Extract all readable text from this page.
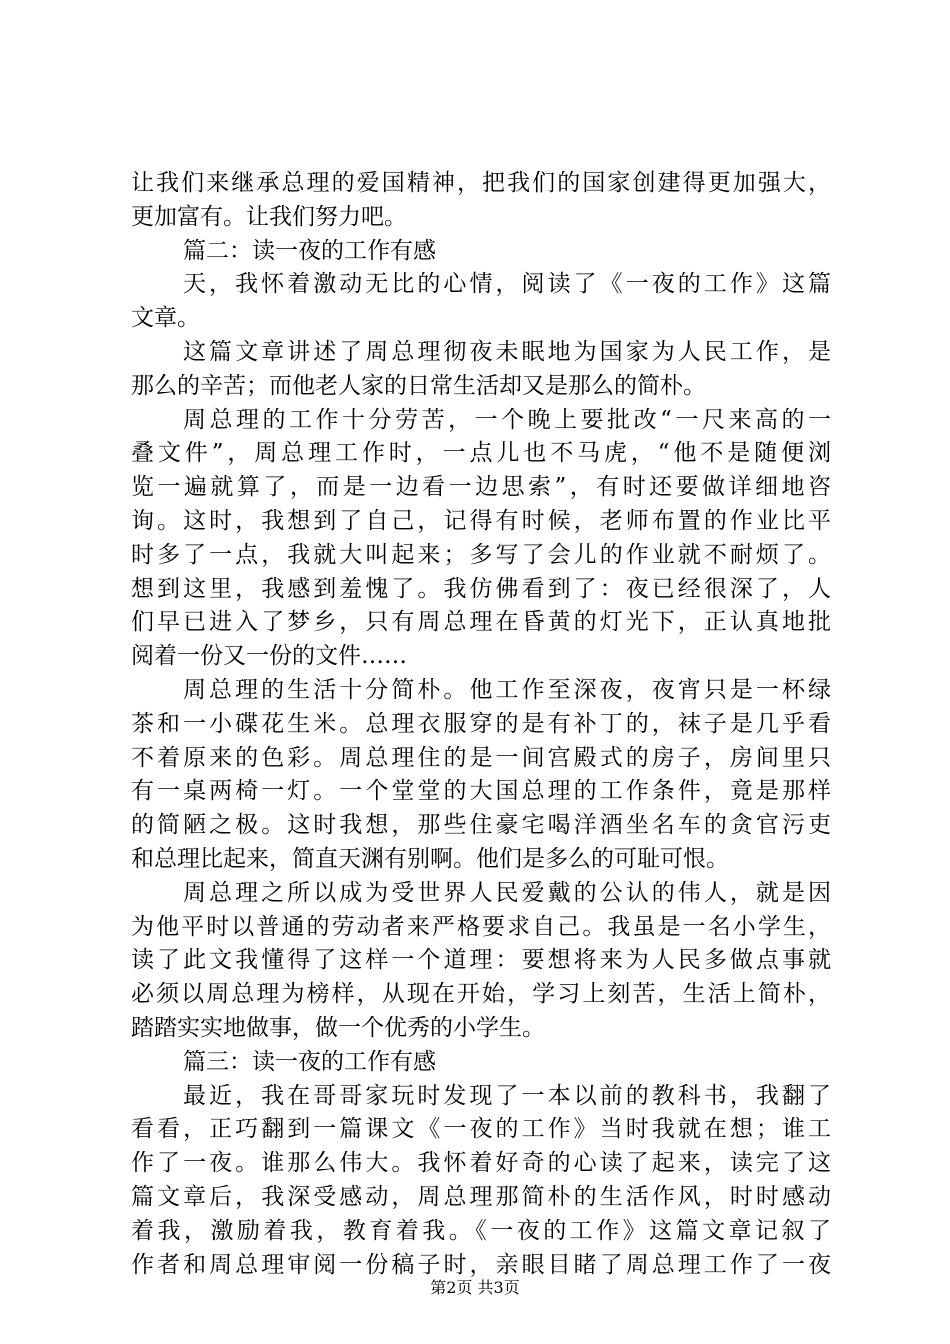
让我们来继承总理的爱国精神，把我们的国家创建得更加强大，
更加富有。让我们努力吧。
篇二：读一夜的工作有感
天，我怀着激动无比的心情，阅读了《一夜的工作》这篇
文章。
这篇文章讲述了周总理彻夜未眠地为国家为人民工作，是
那么的辛苦；而他老人家的日常生活却又是那么的简朴。
周总理的工作十分劳苦，一个晚上要批改“一尺来高的一
叠文件”，周总理工作时，一点儿也不马虎，“他不是随便浏
览一遍就算了，而是一边看一边思索”，有时还要做详细地咨
询。这时，我想到了自己，记得有时候，老师布置的作业比平
时多了一点，我就大叫起来；多写了会儿的作业就不耐烦了。
想到这里，我感到羞愧了。我仿佛看到了：夜已经很深了，人
们早已进入了梦乡，只有周总理在昏黄的灯光下，正认真地批
阅着一份又一份的文件……
周总理的生活十分简朴。他工作至深夜，夜宵只是一杯绿
茶和一小碟花生米。总理衣服穿的是有补丁的，袜子是几乎看
不着原来的色彩。周总理住的是一间宫殿式的房子，房间里只
有一桌两椅一灯。一个堂堂的大国总理的工作条件，竟是那样
的简陋之极。这时我想，那些住豪宅喝洋酒坐名车的贪官污吏
和总理比起来，简直天渊有别啊。他们是多么的可耻可恨。
周总理之所以成为受世界人民爱戴的公认的伟人，就是因
为他平时以普通的劳动者来严格要求自己。我虽是一名小学生，
读了此文我懂得了这样一个道理：要想将来为人民多做点事就
必须以周总理为榜样，从现在开始，学习上刻苦，生活上简朴，
踏踏实实地做事，做一个优秀的小学生。
篇三：读一夜的工作有感
最近，我在哥哥家玩时发现了一本以前的教科书，我翻了
看看，正巧翻到一篇课文《一夜的工作》当时我就在想；谁工
作了一夜。谁那么伟大。我怀着好奇的心读了起来，读完了这
篇文章后，我深受感动，周总理那简朴的生活作风，时时感动
着我，激励着我，教育着我。《一夜的工作》这篇文章记叙了
作者和周总理审阅一份稿子时，亲眼目睹了周总理工作了一夜
第2页 共3页
